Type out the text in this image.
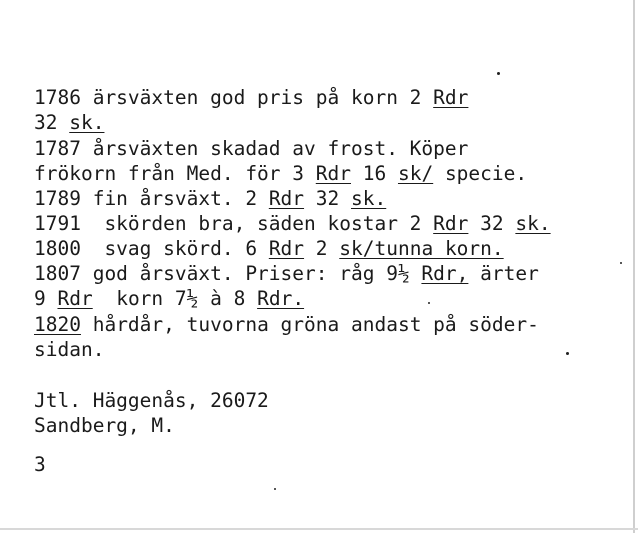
1786 ärsväxten god pris på korn 2 Rdr
32 sk.
1787 årsväxten skadad av frost. Köper
frökorn från Med. för 3 Rdr 16 sk/ specie.
1789 fin årsväxt. 2 Rdr 32 sk.
1791  skörden bra, säden kostar 2 Rdr 32 sk.
1800  svag skörd. 6 Rdr 2 sk/tunna korn.
1807 god årsväxt. Priser: råg 9½ Rdr, ärter
9 Rdr  korn 7½ à 8 Rdr.
1820 hårdår, tuvorna gröna andast på söder-
sidan.
Jtl. Häggenås, 26072
Sandberg, M.
3
